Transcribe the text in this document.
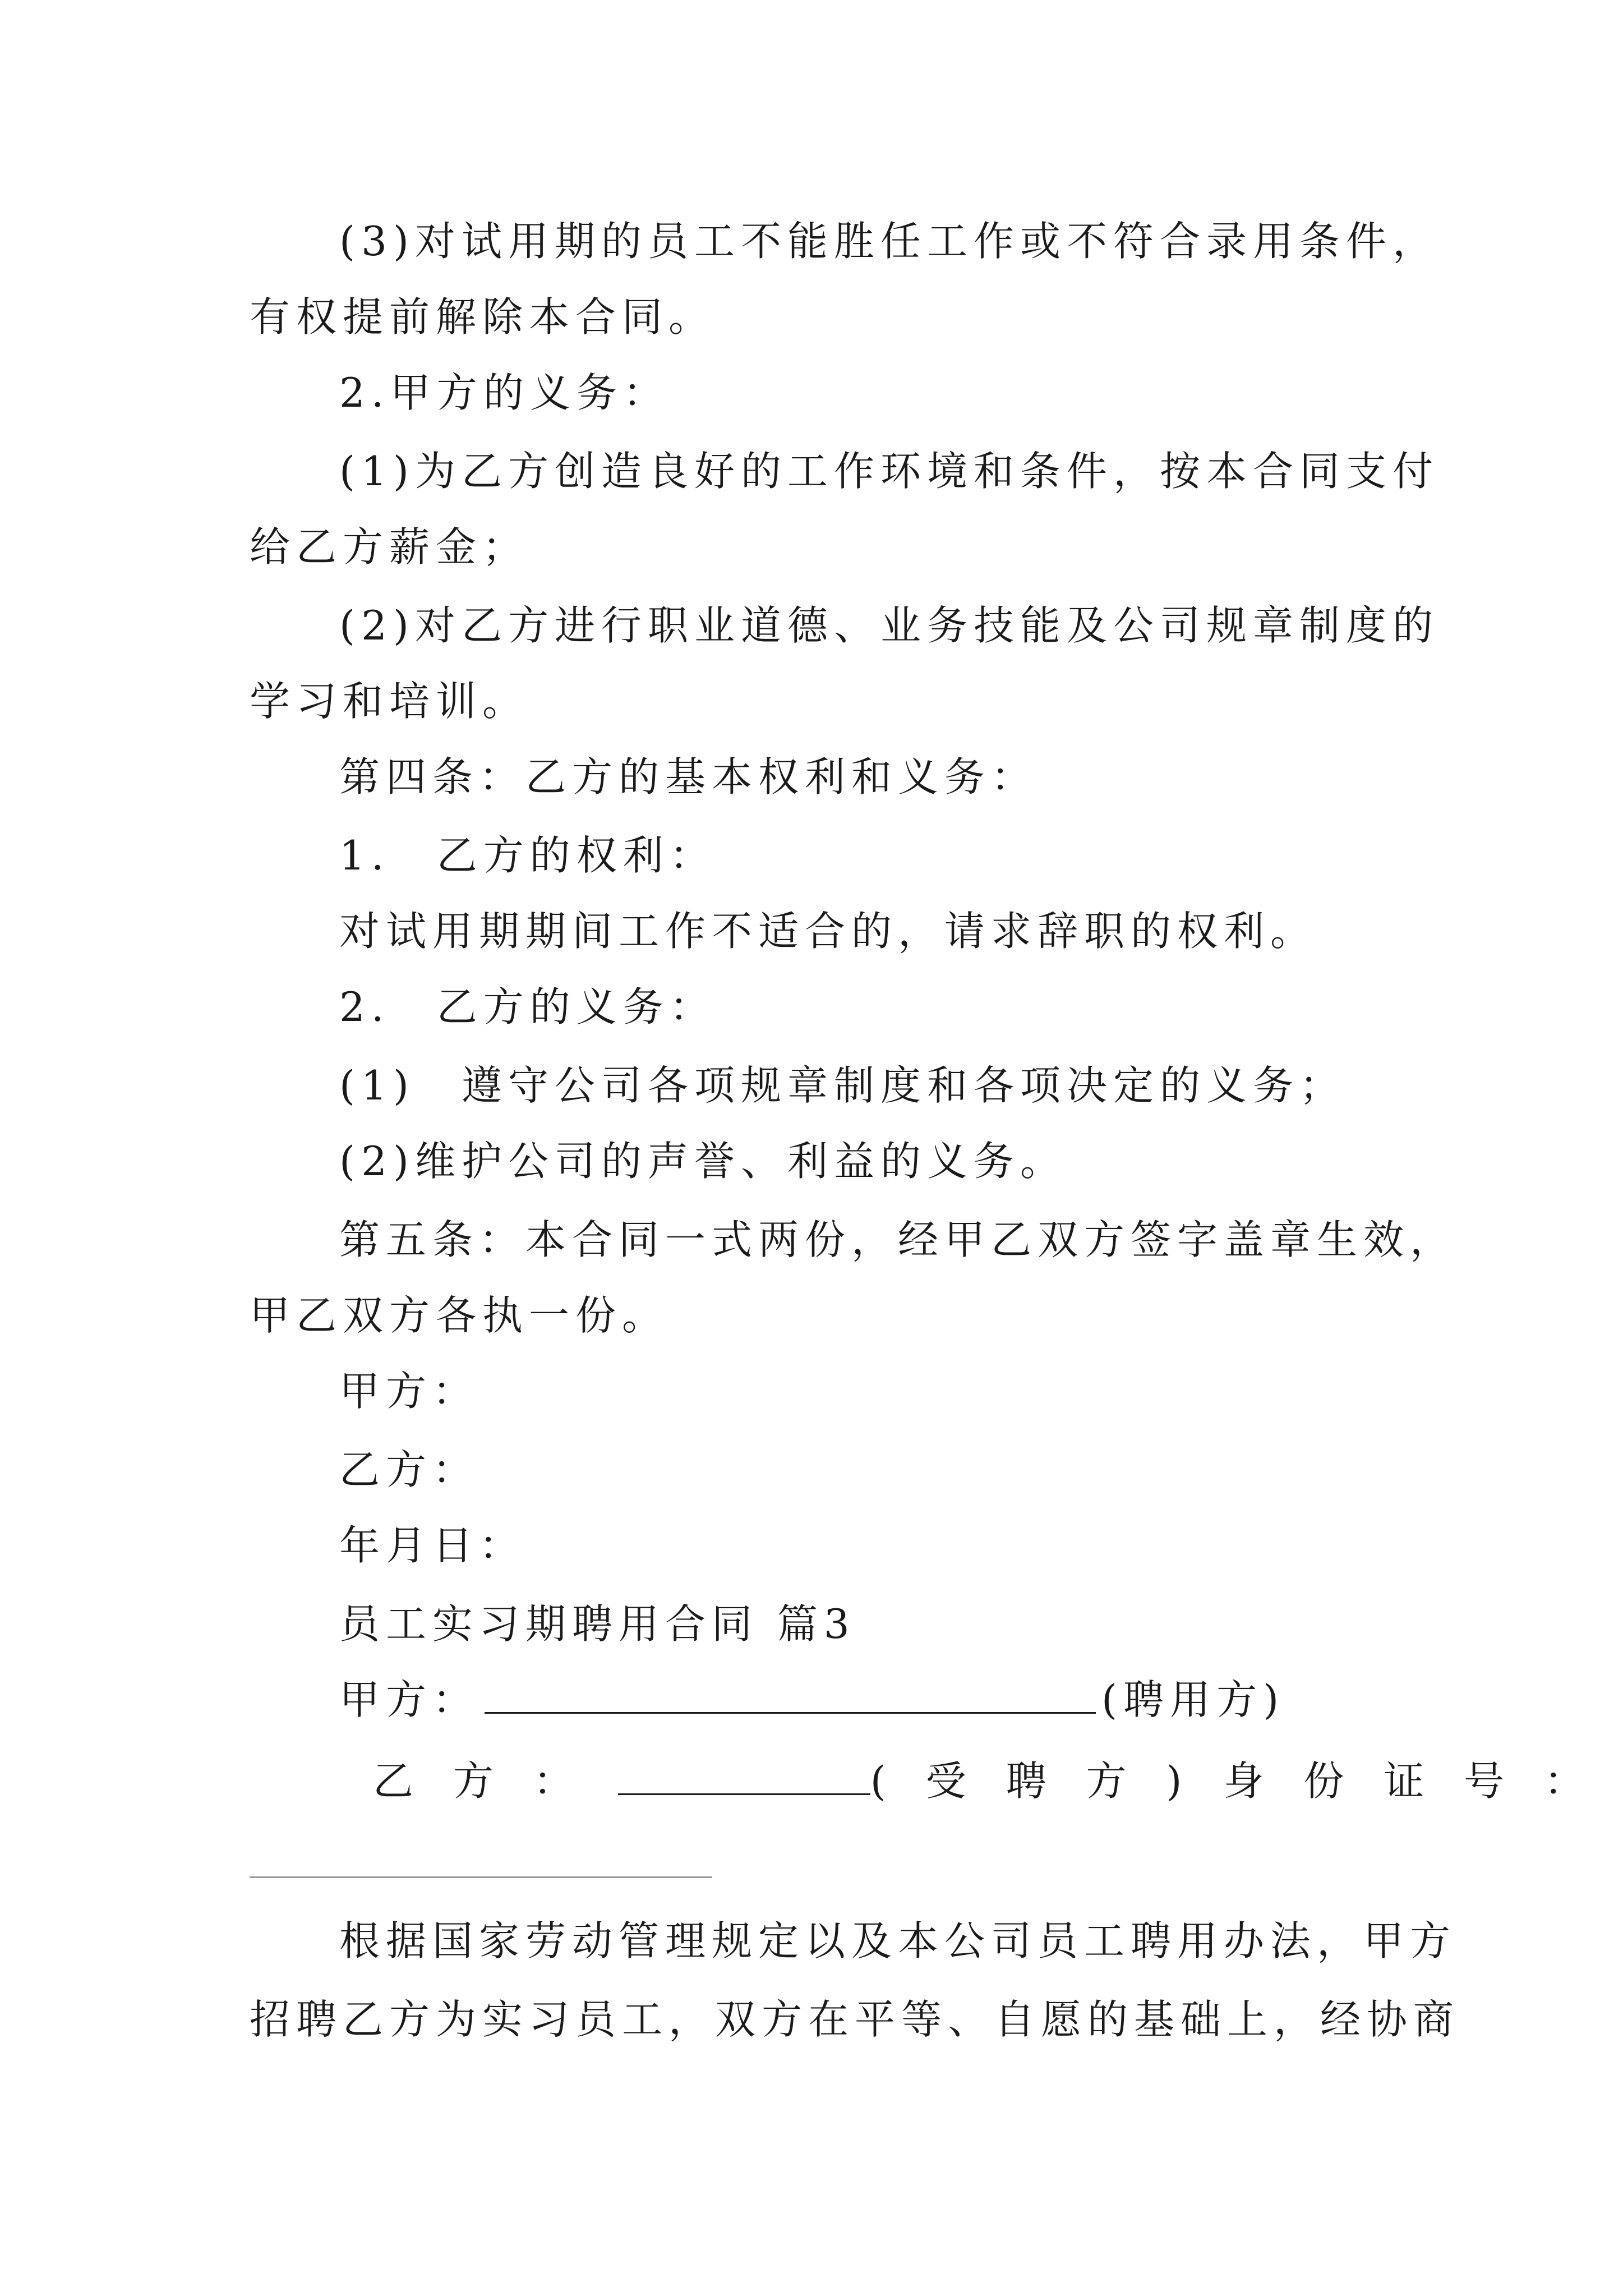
(3)对试用期的员工不能胜任工作或不符合录用条件，
有权提前解除本合同。
2.甲方的义务：
(1)为乙方创造良好的工作环境和条件，按本合同支付
给乙方薪金；
(2)对乙方进行职业道德、业务技能及公司规章制度的
学习和培训。
第四条：乙方的基本权利和义务：
1.　乙方的权利：
对试用期期间工作不适合的，请求辞职的权利。
2.　乙方的义务：
(1)　遵守公司各项规章制度和各项决定的义务；
(2)维护公司的声誉、利益的义务。
第五条：本合同一式两份，经甲乙双方签字盖章生效，
甲乙双方各执一份。
甲方：
乙方：
年月日：
员工实习期聘用合同 篇3
甲方：	(聘用方)
乙 方 ：	( 受 聘 方 ) 身 份 证 号 ：
根据国家劳动管理规定以及本公司员工聘用办法，甲方
招聘乙方为实习员工，双方在平等、自愿的基础上，经协商
